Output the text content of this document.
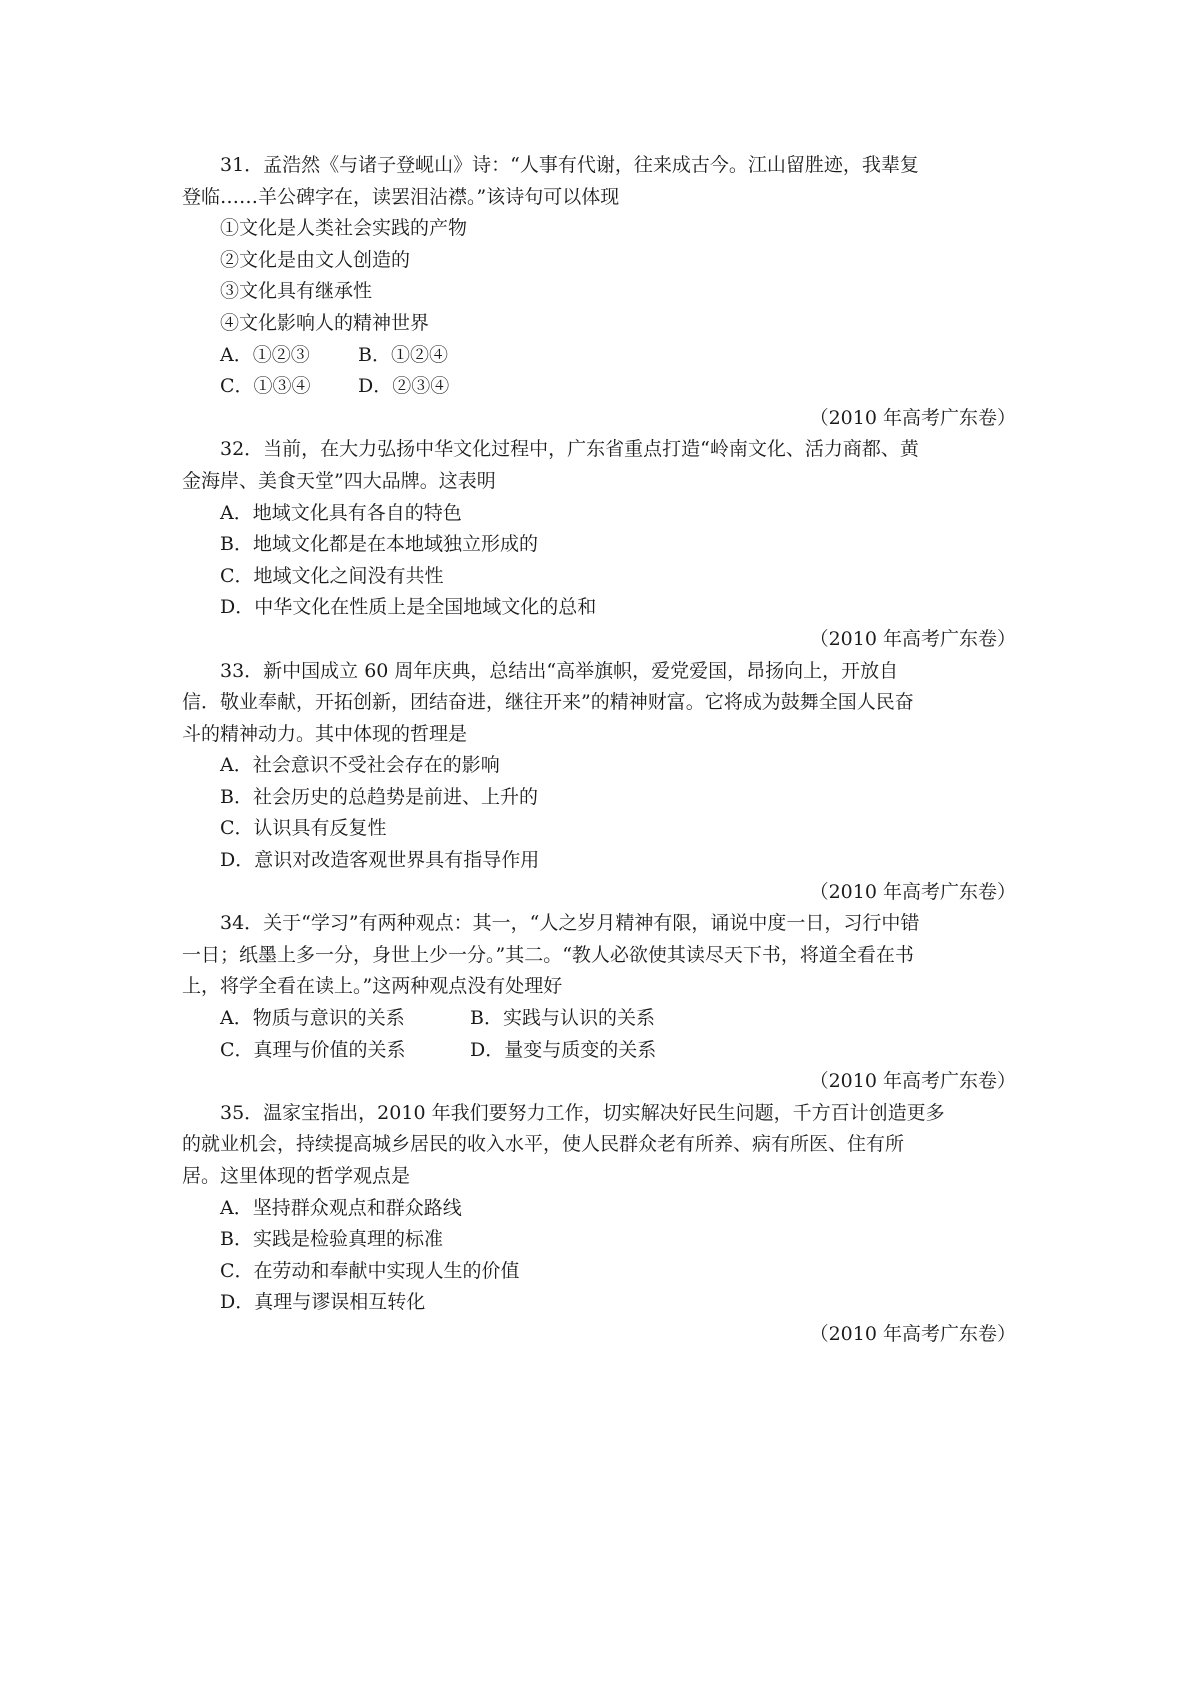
31．孟浩然《与诸子登岘山》诗：“人事有代谢，往来成古今。江山留胜迹，我辈复
登临……羊公碑字在，读罢泪沾襟。”该诗句可以体现
①文化是人类社会实践的产物
②文化是由文人创造的
③文化具有继承性
④文化影响人的精神世界
A．①②③	B．①②④
C．①③④ D．②③④
（2010 年高考广东卷）
32．当前，在大力弘扬中华文化过程中，广东省重点打造“岭南文化、活力商都、黄
金海岸、美食天堂”四大品牌。这表明
A．地域文化具有各自的特色
B．地域文化都是在本地域独立形成的
C．地域文化之间没有共性
D．中华文化在性质上是全国地域文化的总和
（2010 年高考广东卷）
33．新中国成立 60 周年庆典，总结出“高举旗帜，爱党爱国，昂扬向上，开放自
信．敬业奉献，开拓创新，团结奋进，继往开来”的精神财富。它将成为鼓舞全国人民奋
斗的精神动力。其中体现的哲理是
A．社会意识不受社会存在的影响
B．社会历史的总趋势是前进、上升的
C．认识具有反复性
D．意识对改造客观世界具有指导作用
（2010 年高考广东卷）
34．关于“学习”有两种观点：其一，“人之岁月精神有限，诵说中度一日，习行中错
一日；纸墨上多一分，身世上少一分。”其二。“教人必欲使其读尽天下书，将道全看在书
上，将学全看在读上。”这两种观点没有处理好
A．物质与意识的关系	B．实践与认识的关系
C．真理与价值的关系	D．量变与质变的关系
（2010 年高考广东卷）
35．温家宝指出，2010 年我们要努力工作，切实解决好民生问题，千方百计创造更多
的就业机会，持续提高城乡居民的收入水平，使人民群众老有所养、病有所医、住有所
居。这里体现的哲学观点是
A．坚持群众观点和群众路线
B．实践是检验真理的标准
C．在劳动和奉献中实现人生的价值
D．真理与谬误相互转化
（2010 年高考广东卷）
